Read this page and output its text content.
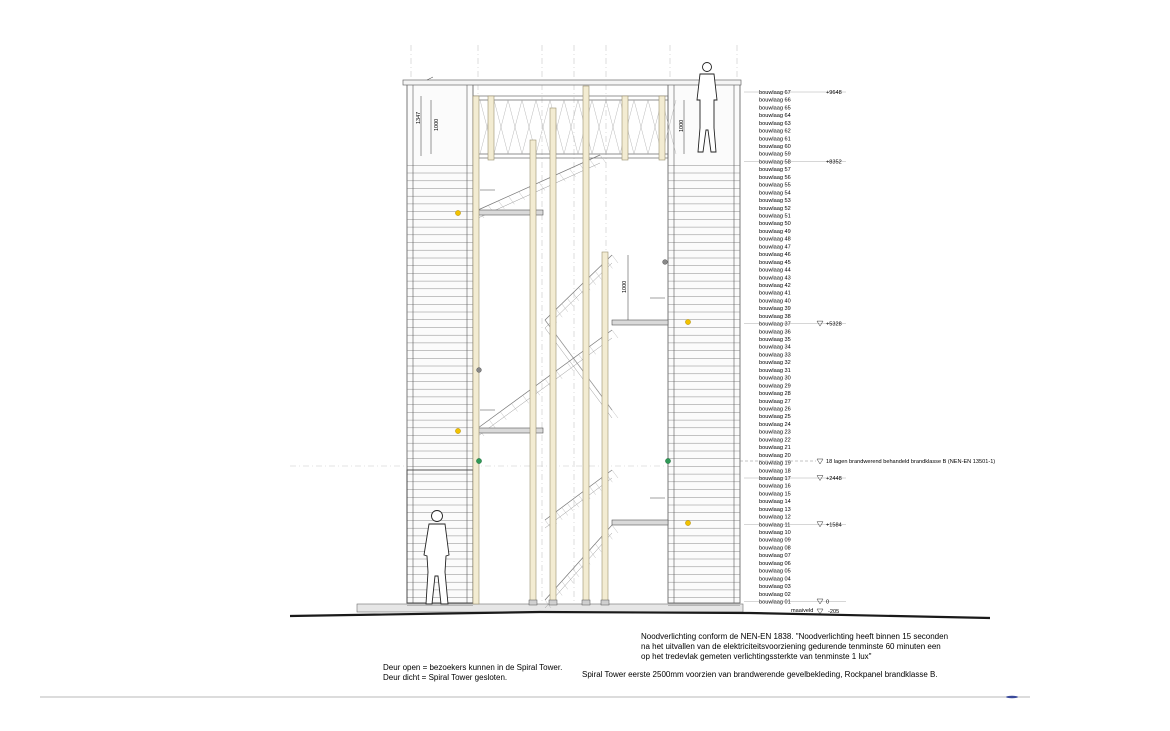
1347
1000	1000
1000
bouwlaag 01
bouwlaag 02
bouwlaag 03
bouwlaag 04
bouwlaag 05
bouwlaag 06
bouwlaag 07
bouwlaag 08
bouwlaag 09
bouwlaag 10
bouwlaag 11
bouwlaag 12
bouwlaag 13
bouwlaag 14
bouwlaag 15
bouwlaag 16
bouwlaag 17
bouwlaag 18
bouwlaag 19
bouwlaag 20
bouwlaag 21
bouwlaag 22
bouwlaag 23
bouwlaag 24
bouwlaag 25
bouwlaag 26
bouwlaag 27
bouwlaag 28
bouwlaag 29
bouwlaag 30
bouwlaag 31
bouwlaag 32
bouwlaag 33
bouwlaag 34
bouwlaag 35
bouwlaag 36
bouwlaag 37
bouwlaag 38
bouwlaag 39
bouwlaag 40
bouwlaag 41
bouwlaag 42
bouwlaag 43
bouwlaag 44
bouwlaag 45
bouwlaag 46
bouwlaag 47
bouwlaag 48
bouwlaag 49
bouwlaag 50
bouwlaag 51
bouwlaag 52
bouwlaag 53
bouwlaag 54
bouwlaag 55
bouwlaag 56
bouwlaag 57
bouwlaag 58
bouwlaag 59
bouwlaag 60
bouwlaag 61
bouwlaag 62
bouwlaag 63
bouwlaag 64
bouwlaag 65
bouwlaag 66
bouwlaag 67	+9648
+8352
+5328
+2448
+1584
0
18 lagen brandwerend behandeld brandklasse B (NEN-EN 13501-1)
maaiveld	-205
Noodverlichting conform de NEN-EN 1838. "Noodverlichting heeft binnen 15 seconden
na het uitvallen van de elektriciteitsvoorziening gedurende tenminste 60 minuten een
op het tredevlak gemeten verlichtingssterkte van tenminste 1 lux"
Deur open = bezoekers kunnen in de Spiral Tower.
Deur dicht = Spiral Tower gesloten.	Spiral Tower eerste 2500mm voorzien van brandwerende gevelbekleding, Rockpanel brandklasse B.
